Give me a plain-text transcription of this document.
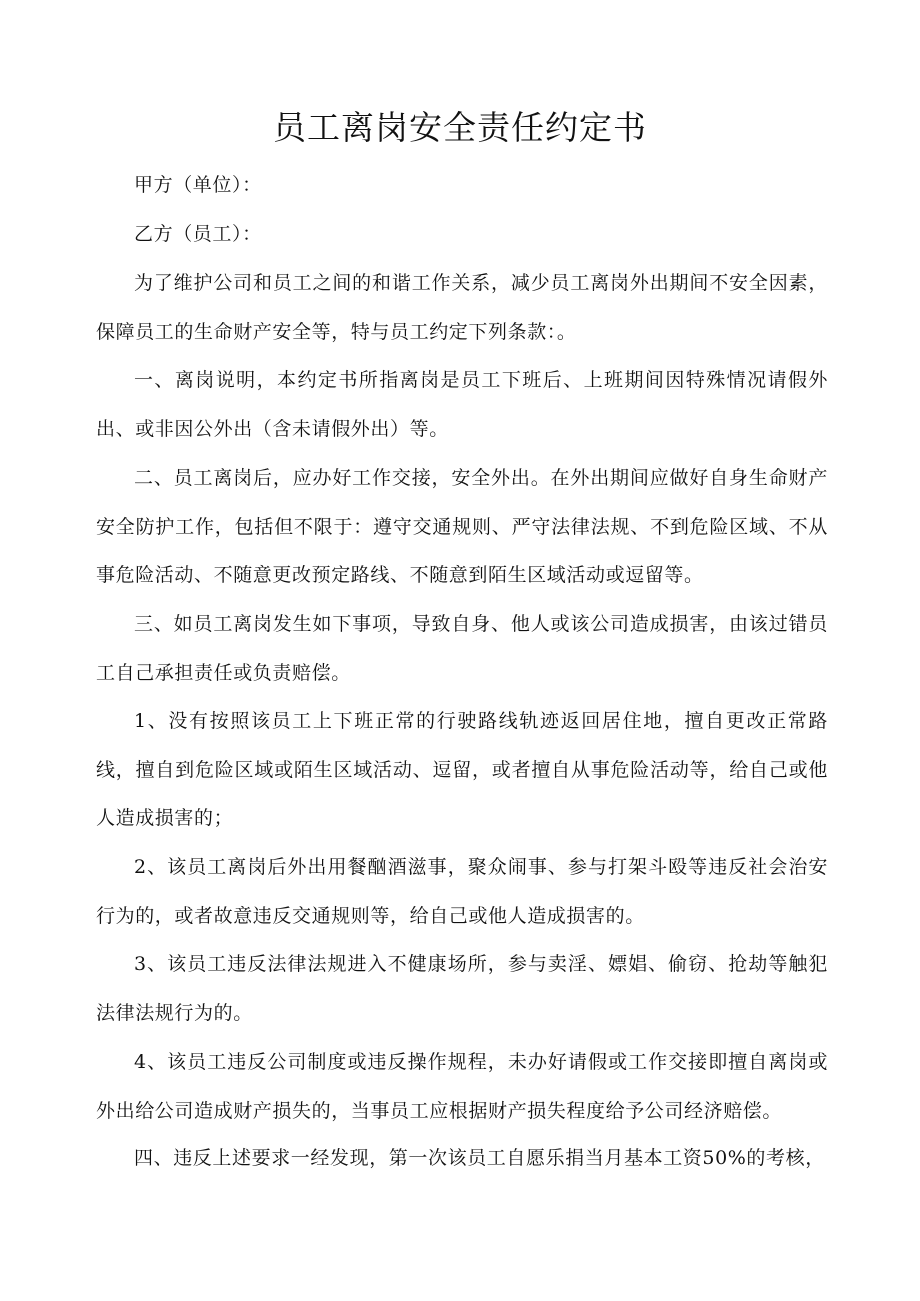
员工离岗安全责任约定书

甲方（单位）：

乙方（员工）：

为了维护公司和员工之间的和谐工作关系，减少员工离岗外出期间不安全因素，保障员工的生命财产安全等，特与员工约定下列条款：。

一、离岗说明，本约定书所指离岗是员工下班后、上班期间因特殊情况请假外出、或非因公外出（含未请假外出）等。

二、员工离岗后，应办好工作交接，安全外出。在外出期间应做好自身生命财产安全防护工作，包括但不限于：遵守交通规则、严守法律法规、不到危险区域、不从事危险活动、不随意更改预定路线、不随意到陌生区域活动或逗留等。

三、如员工离岗发生如下事项，导致自身、他人或该公司造成损害，由该过错员工自己承担责任或负责赔偿。

1、没有按照该员工上下班正常的行驶路线轨迹返回居住地，擅自更改正常路线，擅自到危险区域或陌生区域活动、逗留，或者擅自从事危险活动等，给自己或他人造成损害的；

2、该员工离岗后外出用餐酗酒滋事，聚众闹事、参与打架斗殴等违反社会治安行为的，或者故意违反交通规则等，给自己或他人造成损害的。

3、该员工违反法律法规进入不健康场所，参与卖淫、嫖娼、偷窃、抢劫等触犯法律法规行为的。

4、该员工违反公司制度或违反操作规程，未办好请假或工作交接即擅自离岗或外出给公司造成财产损失的，当事员工应根据财产损失程度给予公司经济赔偿。

四、违反上述要求一经发现，第一次该员工自愿乐捐当月基本工资50%的考核，
